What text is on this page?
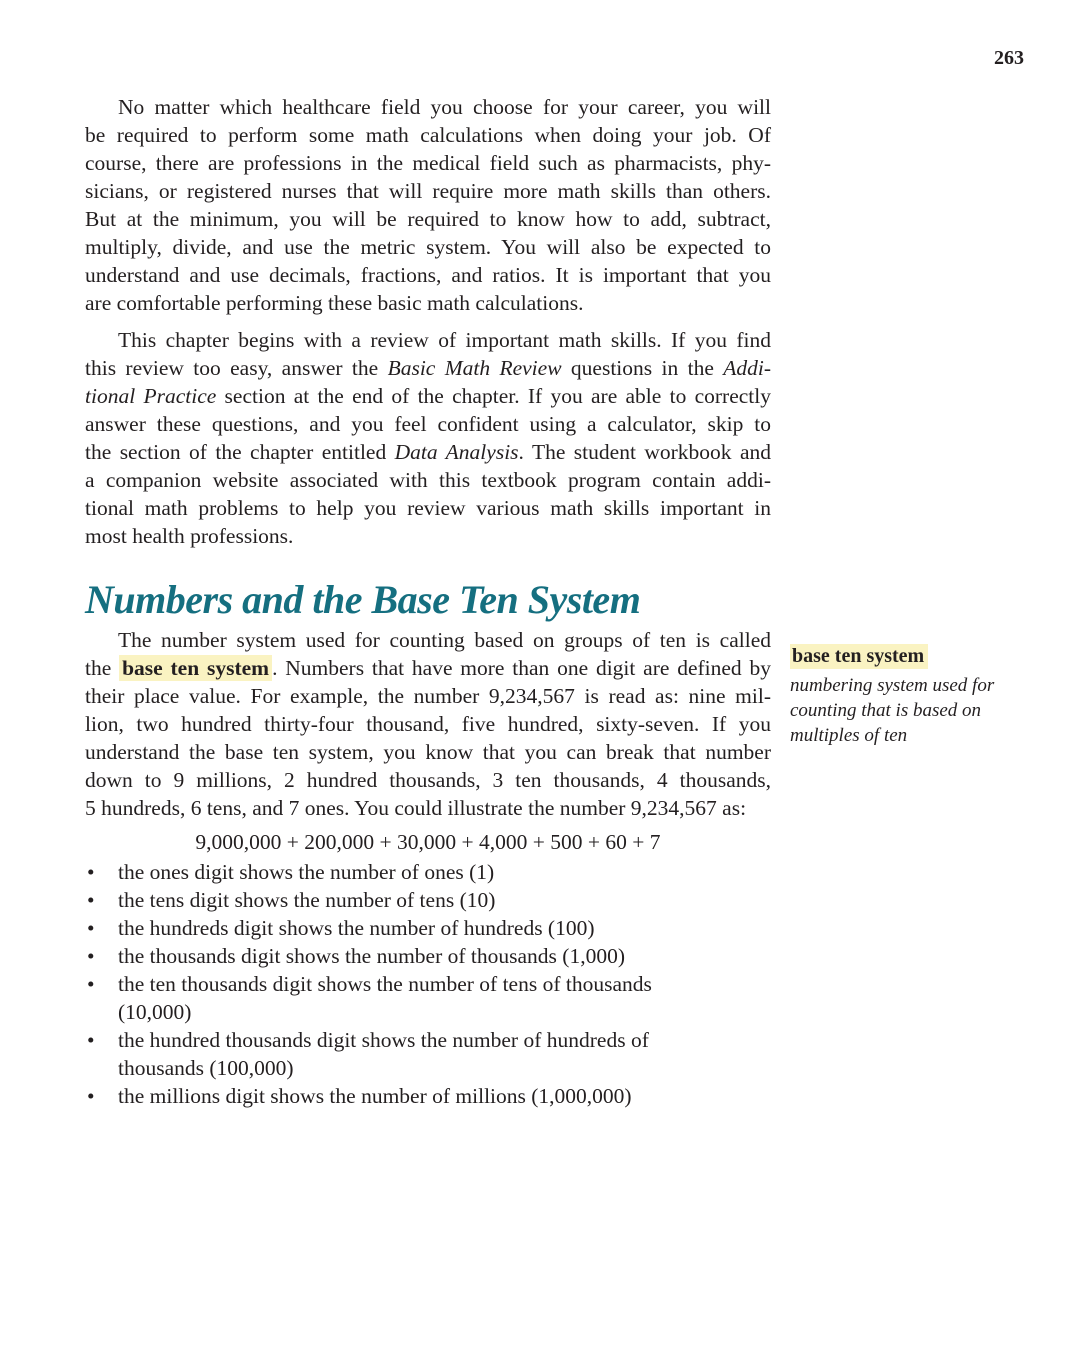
263
No matter which healthcare field you choose for your career, you will
be required to perform some math calculations when doing your job. Of
course, there are professions in the medical field such as pharmacists, phy-
sicians, or registered nurses that will require more math skills than others.
But at the minimum, you will be required to know how to add, subtract,
multiply, divide, and use the metric system. You will also be expected to
understand and use decimals, fractions, and ratios. It is important that you
are comfortable performing these basic math calculations.
This chapter begins with a review of important math skills. If you find
this review too easy, answer the Basic Math Review questions in the Addi-
tional Practice section at the end of the chapter. If you are able to correctly
answer these questions, and you feel confident using a calculator, skip to
the section of the chapter entitled Data Analysis. The student workbook and
a companion website associated with this textbook program contain addi-
tional math problems to help you review various math skills important in
most health professions.
Numbers and the Base Ten System
The number system used for counting based on groups of ten is called
the base ten system . Numbers that have more than one digit are defined by
their place value. For example, the number 9,234,567 is read as: nine mil-
lion, two hundred thirty-four thousand, five hundred, sixty-seven. If you
understand the base ten system, you know that you can break that number
down to 9 millions, 2 hundred thousands, 3 ten thousands, 4 thousands,
5 hundreds, 6 tens, and 7 ones. You could illustrate the number 9,234,567 as:
9,000,000 + 200,000 + 30,000 + 4,000 + 500 + 60 + 7
• the ones digit shows the number of ones (1)
• the tens digit shows the number of tens (10)
• the hundreds digit shows the number of hundreds (100)
• the thousands digit shows the number of thousands (1,000)
• the ten thousands digit shows the number of tens of thousands
(10,000)
• the hundred thousands digit shows the number of hundreds of
thousands (100,000)
• the millions digit shows the number of millions (1,000,000)
base ten system
numbering system used for counting that is based on multiples of ten
